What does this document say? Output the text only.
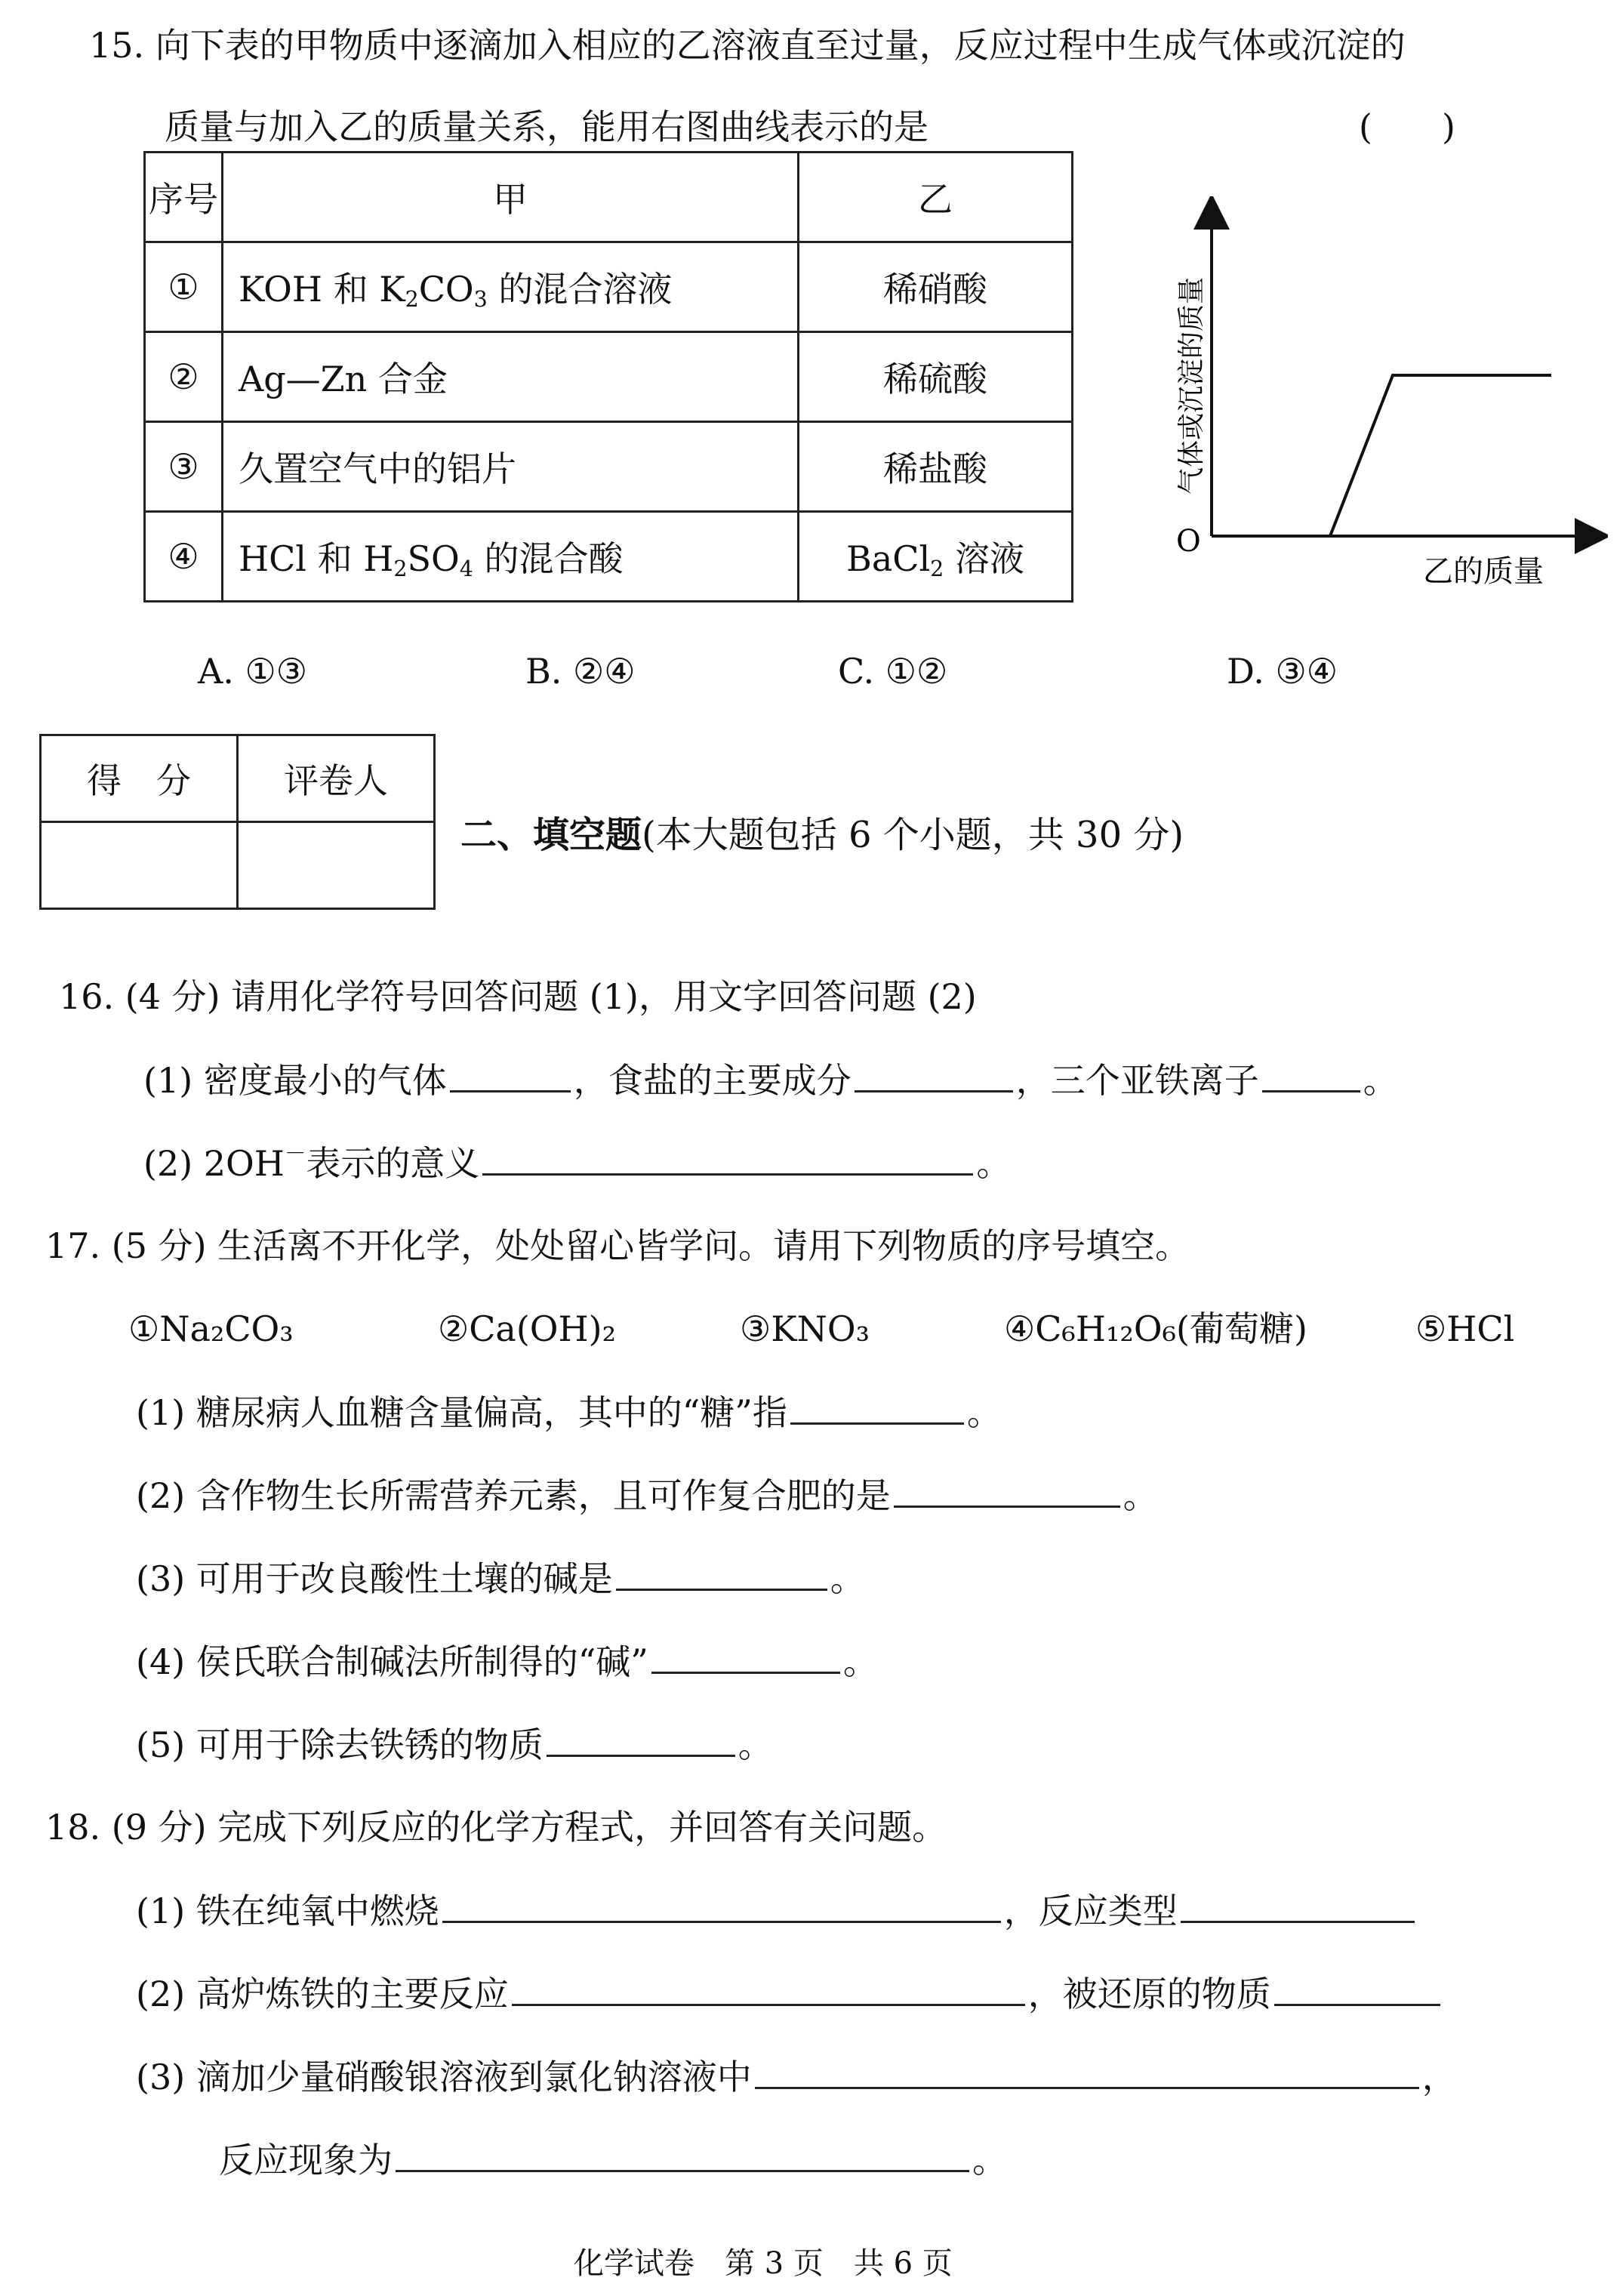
15. 向下表的甲物质中逐滴加入相应的乙溶液直至过量，反应过程中生成气体或沉淀的
质量与加入乙的质量关系，能用右图曲线表示的是	(　　)
序号	甲	乙
①	KOH 和 $K_2CO_3$ 的混合溶液	稀硝酸
②	Ag—Zn 合金	稀硫酸
③	久置空气中的铝片	稀盐酸
④	HCl 和 $H_2SO_4$ 的混合酸	BaCl$_2$ 溶液	O
乙的质量
气体或沉淀的质量
A. ①③	B. ②④	C. ①②	D. ③④
得　分	评卷人

二、填空题(本大题包括 6 个小题，共 30 分)
16. (4 分) 请用化学符号回答问题 (1)，用文字回答问题 (2)
(1) 密度最小的气体	，食盐的主要成分	，三个亚铁离子	。
(2) 2OH－表示的意义	。
17. (5 分) 生活离不开化学，处处留心皆学问。请用下列物质的序号填空。
①Na₂CO₃	②Ca(OH)₂	③KNO₃	④C₆H₁₂O₆(葡萄糖)	⑤HCl
(1) 糖尿病人血糖含量偏高，其中的“糖”指	。
(2) 含作物生长所需营养元素，且可作复合肥的是	。
(3) 可用于改良酸性土壤的碱是	。
(4) 侯氏联合制碱法所制得的“碱”	。
(5) 可用于除去铁锈的物质	。
18. (9 分) 完成下列反应的化学方程式，并回答有关问题。
(1) 铁在纯氧中燃烧	，反应类型
(2) 高炉炼铁的主要反应	，被还原的物质
(3) 滴加少量硝酸银溶液到氯化钠溶液中	，
反应现象为	。
化学试卷　第 3 页　共 6 页
